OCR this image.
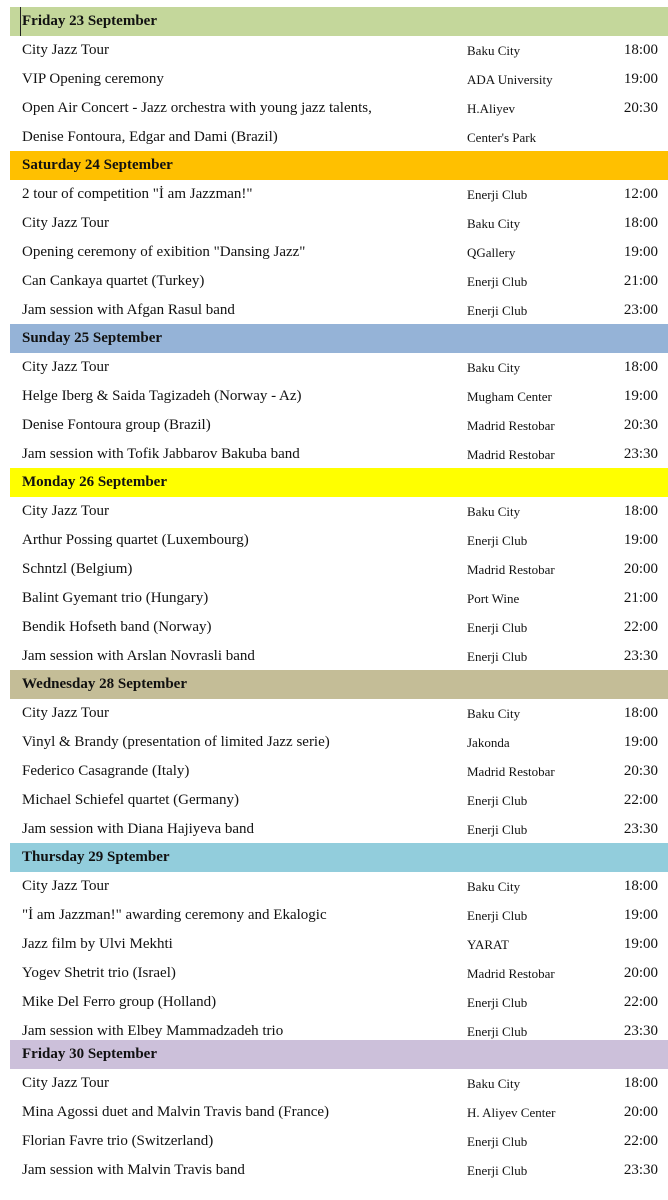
Friday 23 September
City Jazz Tour	Baku City	18:00
VIP Opening ceremony	ADA University	19:00
Open Air Concert - Jazz orchestra with young jazz talents,	H.Aliyev	20:30
Denise Fontoura, Edgar and Dami (Brazil)	Center's Park
Saturday 24 September
2 tour of competition "İ am Jazzman!"	Enerji Club	12:00
City Jazz Tour	Baku City	18:00
Opening ceremony of exibition "Dansing Jazz"	QGallery	19:00
Can Cankaya quartet (Turkey)	Enerji Club	21:00
Jam session with Afgan Rasul band	Enerji Club	23:00
Sunday 25 September
City Jazz Tour	Baku City	18:00
Helge Iberg & Saida Tagizadeh (Norway - Az)	Mugham Center	19:00
Denise Fontoura group (Brazil)	Madrid Restobar	20:30
Jam session with Tofik Jabbarov Bakuba band	Madrid Restobar	23:30
Monday 26 September
City Jazz Tour	Baku City	18:00
Arthur Possing quartet (Luxembourg)	Enerji Club	19:00
Schntzl (Belgium)	Madrid Restobar	20:00
Balint Gyemant trio (Hungary)	Port Wine	21:00
Bendik Hofseth band (Norway)	Enerji Club	22:00
Jam session with Arslan Novrasli band	Enerji Club	23:30
Wednesday 28 September
City Jazz Tour	Baku City	18:00
Vinyl & Brandy (presentation of limited Jazz serie)	Jakonda	19:00
Federico Casagrande (Italy)	Madrid Restobar	20:30
Michael Schiefel quartet (Germany)	Enerji Club	22:00
Jam session with Diana Hajiyeva band	Enerji Club	23:30
Thursday 29 Sptember
City Jazz Tour	Baku City	18:00
"İ am Jazzman!" awarding ceremony and Ekalogic	Enerji Club	19:00
Jazz film by Ulvi Mekhti	YARAT	19:00
Yogev Shetrit trio (Israel)	Madrid Restobar	20:00
Mike Del Ferro group (Holland)	Enerji Club	22:00
Jam session with Elbey Mammadzadeh trio	Enerji Club	23:30
Friday 30 September
City Jazz Tour	Baku City	18:00
Mina Agossi duet and Malvin Travis band (France)	H. Aliyev Center	20:00
Florian Favre trio (Switzerland)	Enerji Club	22:00
Jam session with Malvin Travis band	Enerji Club	23:30
